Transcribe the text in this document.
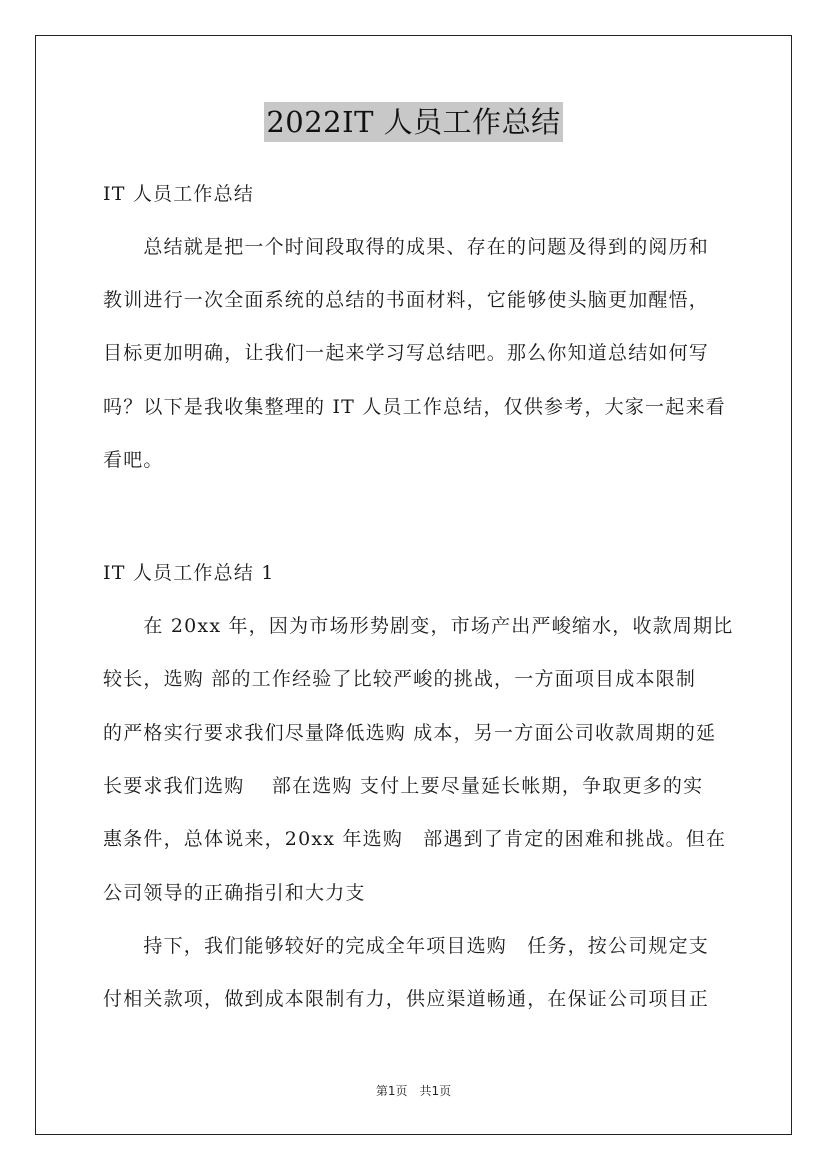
2022IT 人员工作总结
IT 人员工作总结
　　总结就是把一个时间段取得的成果、存在的问题及得到的阅历和
教训进行一次全面系统的总结的书面材料，它能够使头脑更加醒悟，
目标更加明确，让我们一起来学习写总结吧。那么你知道总结如何写
吗？以下是我收集整理的 IT 人员工作总结，仅供参考，大家一起来看
看吧。
IT 人员工作总结 1
　　在 20xx 年，因为市场形势剧变，市场产出严峻缩水，收款周期比
较长，选购 部的工作经验了比较严峻的挑战，一方面项目成本限制
的严格实行要求我们尽量降低选购 成本，另一方面公司收款周期的延
长要求我们选购　 部在选购 支付上要尽量延长帐期，争取更多的实
惠条件，总体说来，20xx 年选购　部遇到了肯定的困难和挑战。但在
公司领导的正确指引和大力支
　　持下，我们能够较好的完成全年项目选购　任务，按公司规定支
付相关款项，做到成本限制有力，供应渠道畅通，在保证公司项目正
第1页　共1页
